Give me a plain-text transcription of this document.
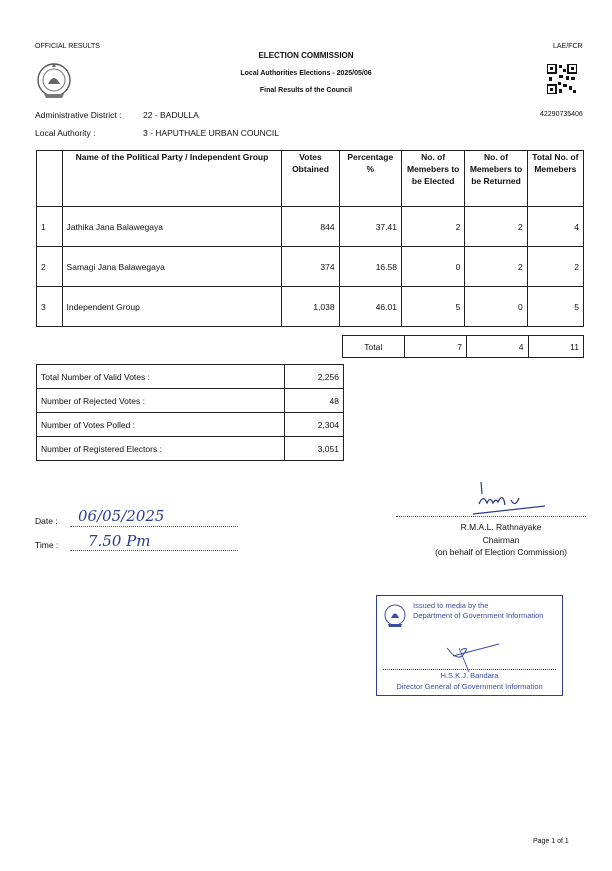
OFFICIAL RESULTS
ELECTION COMMISSION
LAE/FCR
Local Authorities Elections - 2025/05/06
Final Results of the Council
42290735406
Administrative District :	22 - BADULLA
Local Authority :	3 - HAPUTHALE URBAN COUNCIL
	Name of the Political Party / Independent Group	Votes Obtained	Percentage %	No. of Memebers to be Elected	No. of Memebers to be Returned	Total No. of Memebers
1	Jathika Jana Balawegaya	844	37.41	2	2	4
2	Samagi Jana Balawegaya	374	16.58	0	2	2
3	Independent Group	1,038	46.01	5	0	5
Total	7	4	11
Total Number of Valid Votes :	2,256
Number of Rejected Votes :	48
Number of Votes Polled :	2,304
Number of Registered Electors :	3,051
Date : 06/05/2025
Time : 7.50 Pm
R.M.A.L. Rathnayake
Chairman
(on behalf of Election Commission)
Issued to media by the
Department of Government Information
H.S.K.J. Bandara
Director General of Government Information
Page 1 of 1
